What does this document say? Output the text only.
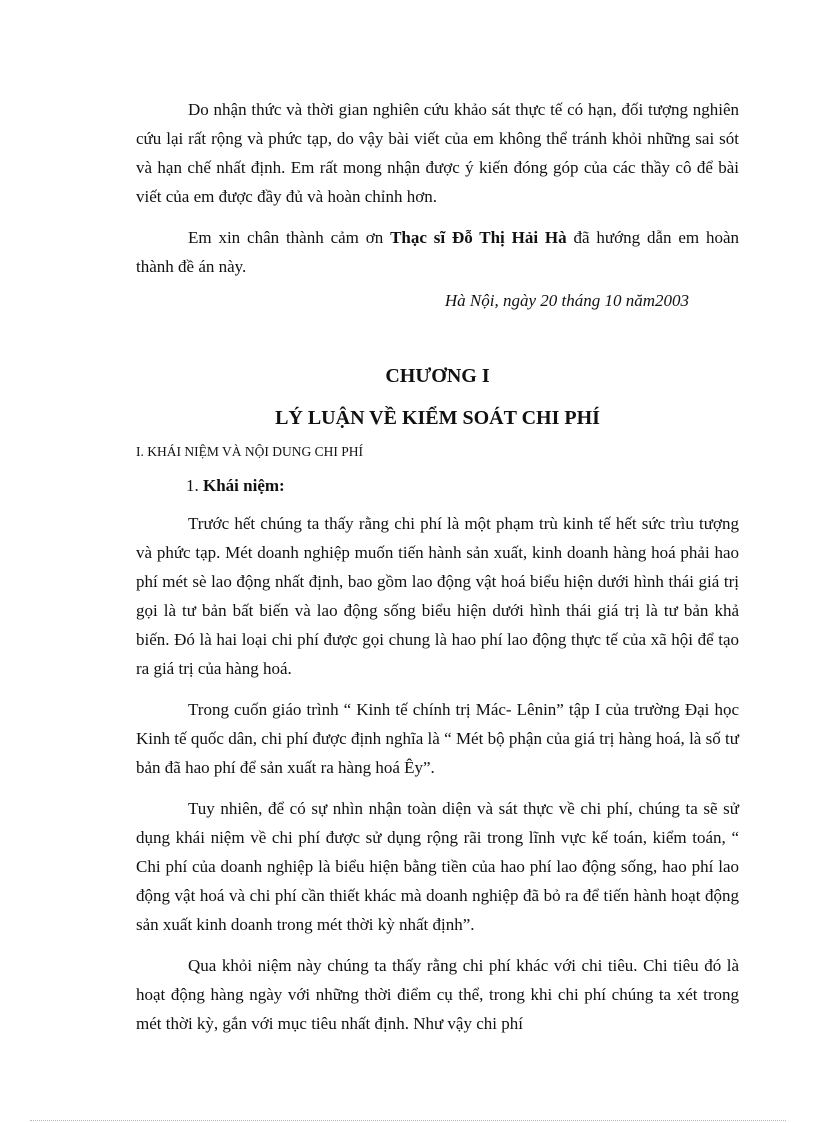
Do nhận thức và thời gian nghiên cứu khảo sát thực tế có hạn, đối tượng nghiên cứu lại rất rộng và phức tạp, do vậy bài viết của em không thể tránh khỏi những sai sót và hạn chế nhất định. Em rất mong nhận được ý kiến đóng góp của các thầy cô để bài viết của em được đầy đủ và hoàn chỉnh hơn.

Em xin chân thành cảm ơn Thạc sĩ Đỗ Thị Hải Hà đã hướng dẫn em hoàn thành đề án này.

Hà Nội, ngày 20 tháng 10 năm2003

CHƯƠNG I
LÝ LUẬN VỀ KIỂM SOÁT CHI PHÍ
I. KHÁI NIỆM VÀ NỘI DUNG CHI PHÍ
1. Khái niệm:

Trước hết chúng ta thấy rằng chi phí là một phạm trù kinh tế hết sức trìu tượng và phức tạp. Mét doanh nghiệp muốn tiến hành sản xuất, kinh doanh hàng hoá phải hao phí mét sè lao động nhất định, bao gồm lao động vật hoá biểu hiện dưới hình thái giá trị gọi là tư bản bất biến và lao động sống biểu hiện dưới hình thái giá trị là tư bản khả biến. Đó là hai loại chi phí được gọi chung là hao phí lao động thực tế của xã hội để tạo ra giá trị của hàng hoá.

Trong cuốn giáo trình “ Kinh tế chính trị Mác- Lênin” tập I của trường Đại học Kinh tế quốc dân, chi phí được định nghĩa là “ Mét bộ phận của giá trị hàng hoá, là số tư bản đã hao phí để sản xuất ra hàng hoá Êy”.

Tuy nhiên, để có sự nhìn nhận toàn diện và sát thực về chi phí, chúng ta sẽ sử dụng khái niệm về chi phí được sử dụng rộng rãi trong lĩnh vực kế toán, kiểm toán, “ Chi phí của doanh nghiệp là biểu hiện bằng tiền của hao phí lao động sống, hao phí lao động vật hoá và chi phí cần thiết khác mà doanh nghiệp đã bỏ ra để tiến hành hoạt động sản xuất kinh doanh trong mét thời kỳ nhất định”.

Qua khỏi niệm này chúng ta thấy rằng chi phí khác với chi tiêu. Chi tiêu đó là hoạt động hàng ngày với những thời điểm cụ thể, trong khi chi phí chúng ta xét trong mét thời kỳ, gắn với mục tiêu nhất định. Như vậy chi phí
